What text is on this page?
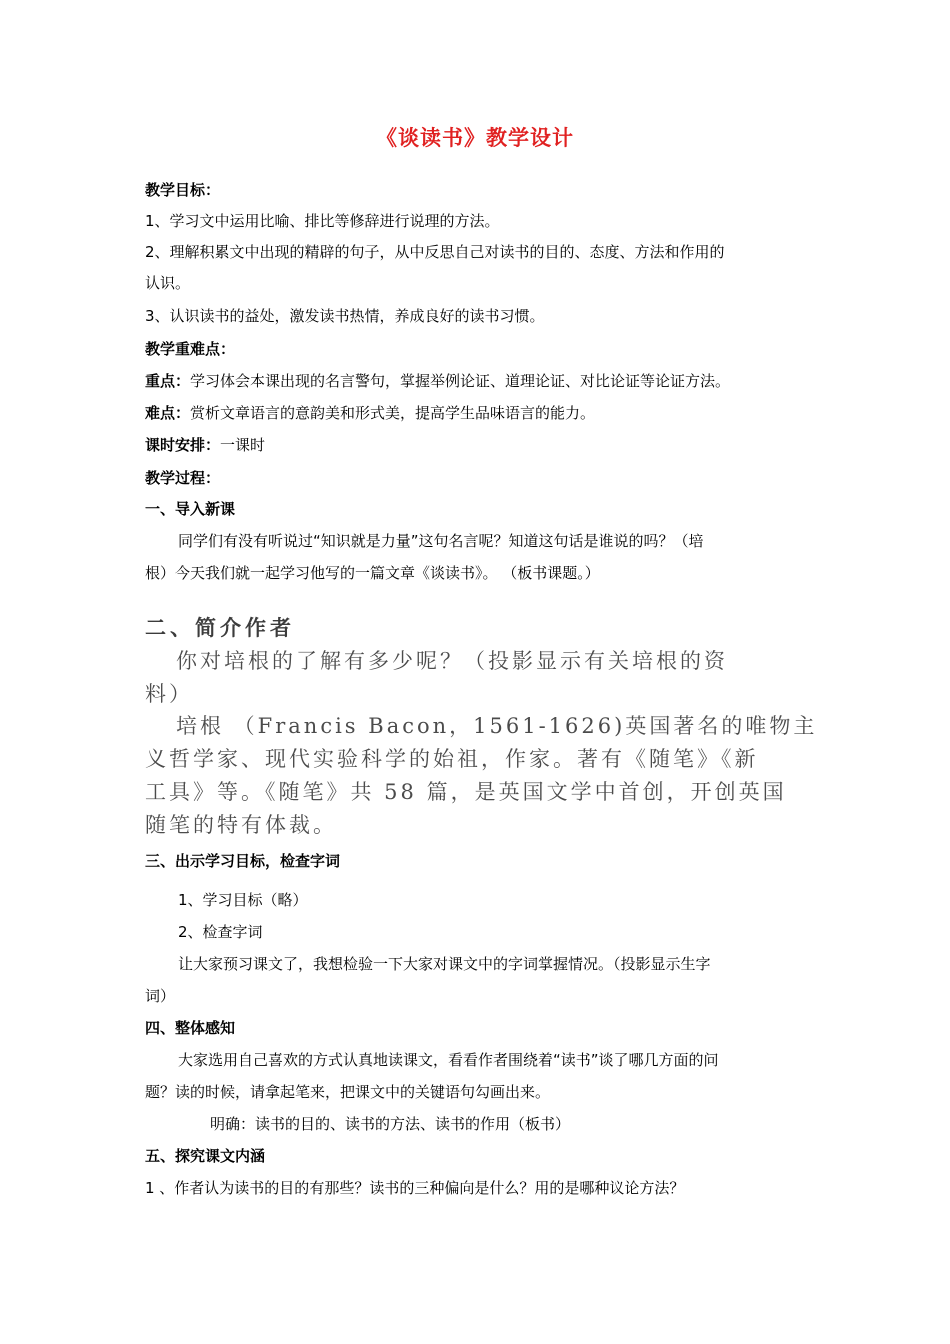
《谈读书》教学设计
教学目标：
1、学习文中运用比喻、排比等修辞进行说理的方法。
2、理解积累文中出现的精辟的句子，从中反思自己对读书的目的、态度、方法和作用的
认识。
3、认识读书的益处，激发读书热情，养成良好的读书习惯。
教学重难点：
重点：学习体会本课出现的名言警句，掌握举例论证、道理论证、对比论证等论证方法。
难点：赏析文章语言的意韵美和形式美，提高学生品味语言的能力。
课时安排：一课时
教学过程：
一、导入新课
同学们有没有听说过“知识就是力量”这句名言呢？知道这句话是谁说的吗？（培
根）今天我们就一起学习他写的一篇文章《谈读书》。 （板书课题。）
二、简介作者
你对培根的了解有多少呢？（投影显示有关培根的资
料）
培根 （Francis Bacon，1561-1626)英国著名的唯物主
义哲学家、现代实验科学的始祖，作家。著有《随笔》《新
工具》等。《随笔》共 58 篇，是英国文学中首创，开创英国
随笔的特有体裁。
三、出示学习目标，检查字词
1、学习目标（略）
2、检查字词
让大家预习课文了，我想检验一下大家对课文中的字词掌握情况。（投影显示生字
词）
四、整体感知
大家选用自己喜欢的方式认真地读课文，看看作者围绕着“读书”谈了哪几方面的问
题？读的时候，请拿起笔来，把课文中的关键语句勾画出来。
明确：读书的目的、读书的方法、读书的作用（板书）
五、探究课文内涵
1 、作者认为读书的目的有那些？读书的三种偏向是什么？用的是哪种议论方法？
